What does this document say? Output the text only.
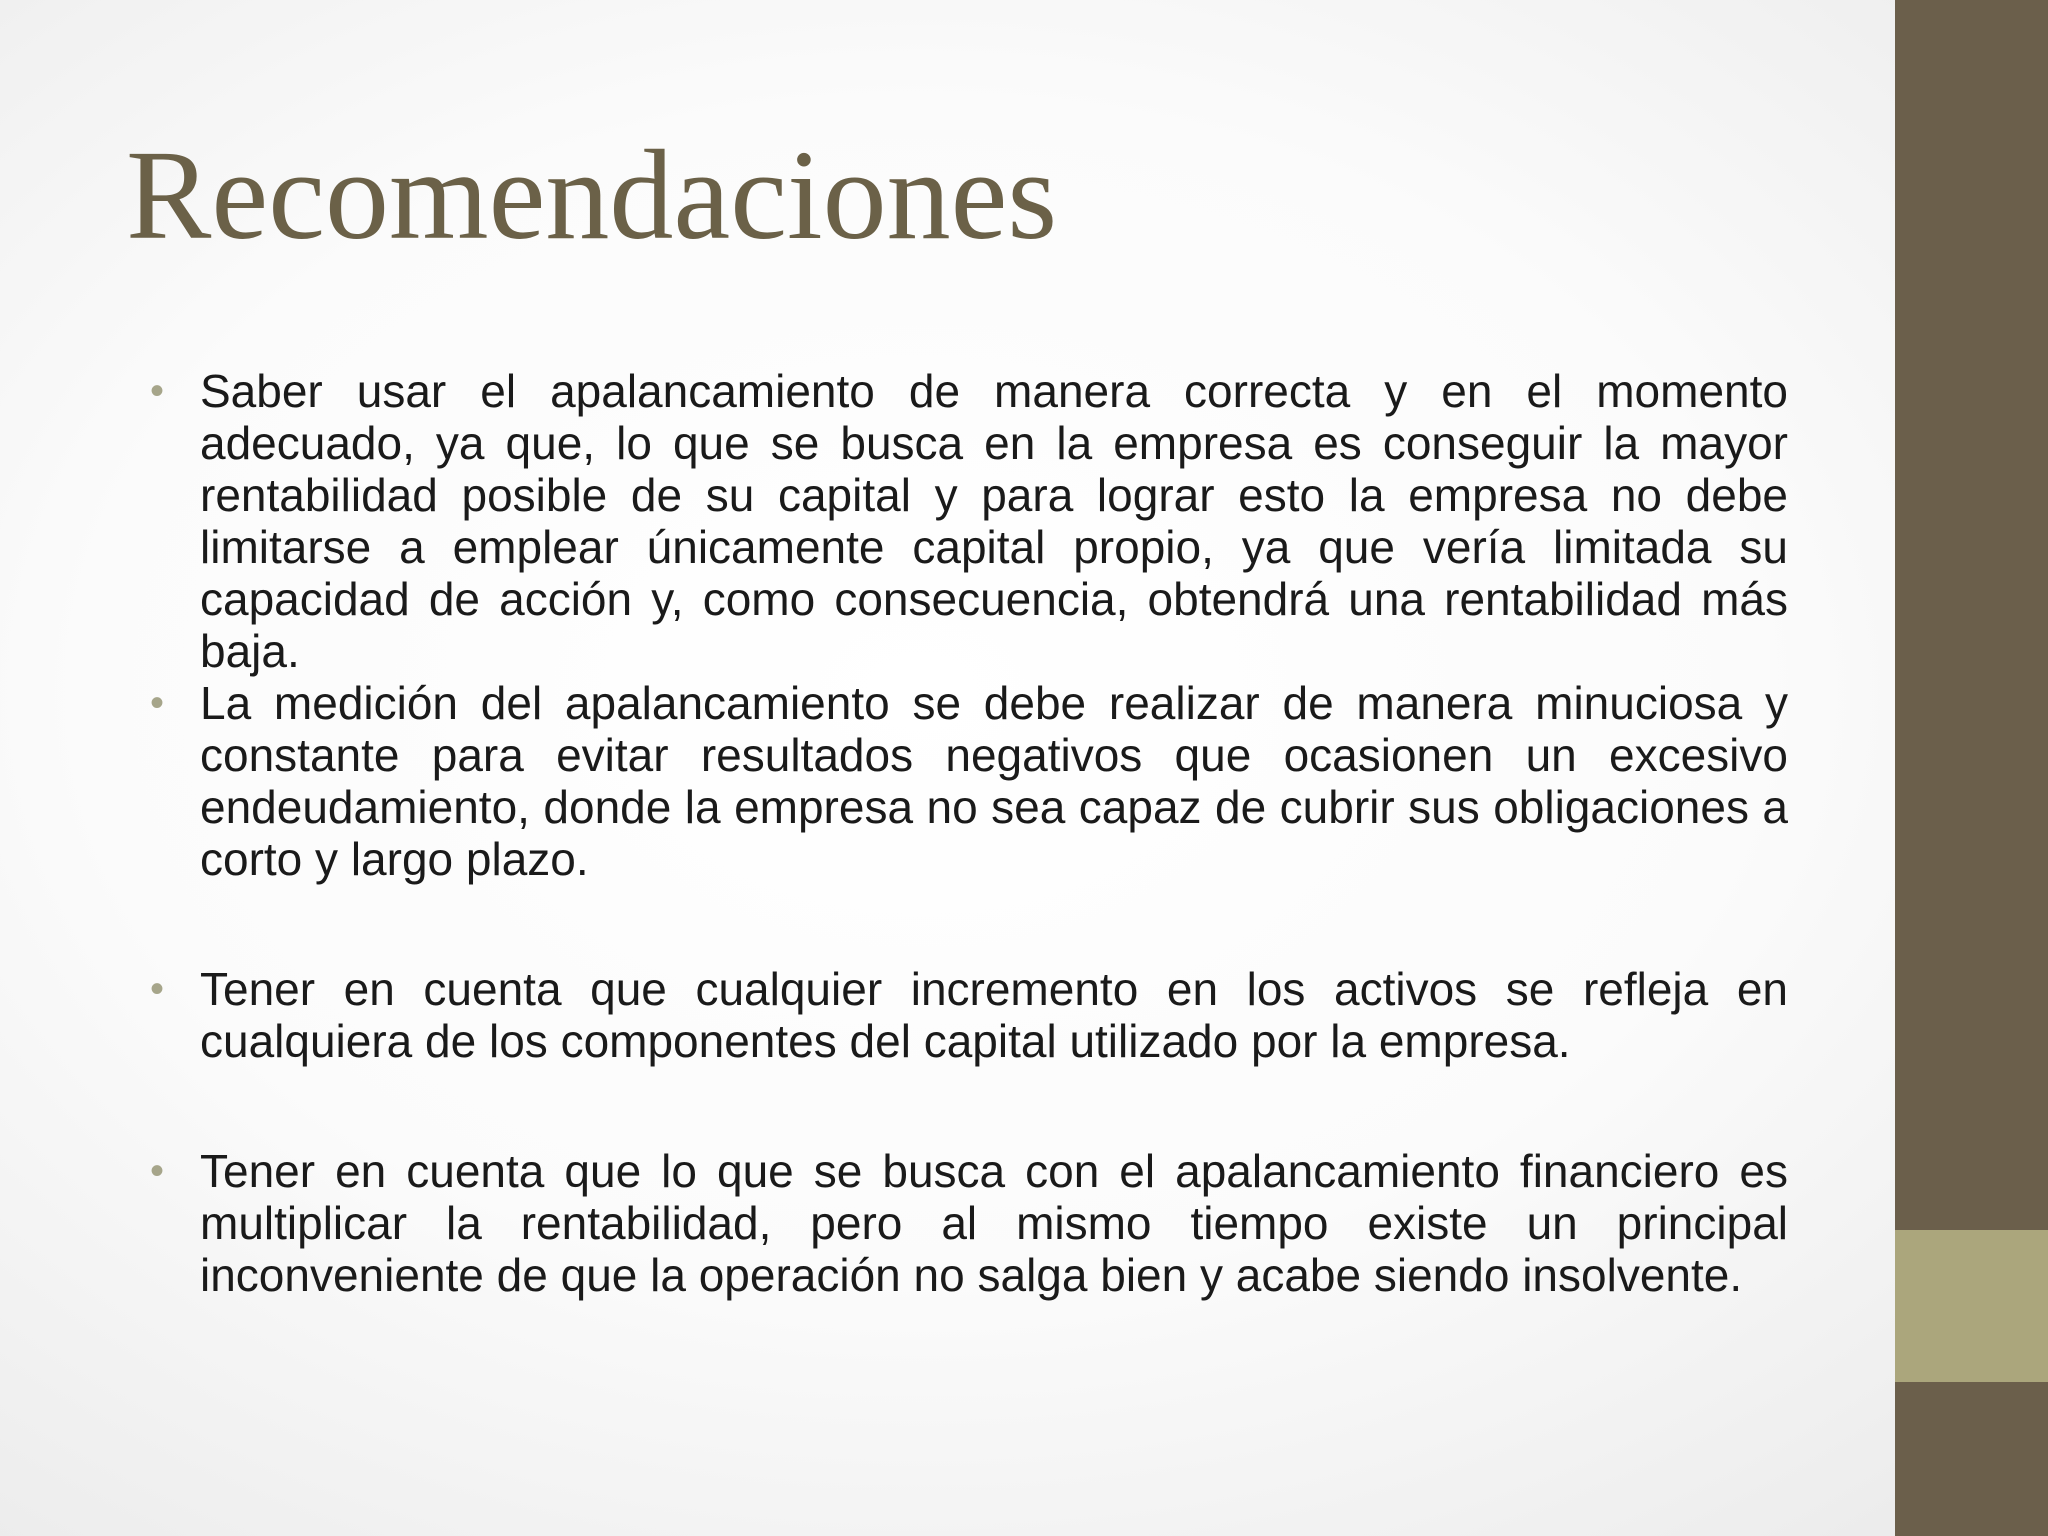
Recomendaciones
• Saber usar el apalancamiento de manera correcta y en el momento adecuado, ya que, lo que se busca en la empresa es conseguir la mayor rentabilidad posible de su capital y para lograr esto la empresa no debe limitarse a emplear únicamente capital propio, ya que vería limitada su capacidad de acción y, como consecuencia, obtendrá una rentabilidad más baja.
• La medición del apalancamiento se debe realizar de manera minuciosa y constante para evitar resultados negativos que ocasionen un excesivo endeudamiento, donde la empresa no sea capaz de cubrir sus obligaciones a corto y largo plazo.
• Tener en cuenta que cualquier incremento en los activos se refleja en cualquiera de los componentes del capital utilizado por la empresa.
• Tener en cuenta que lo que se busca con el apalancamiento financiero es multiplicar la rentabilidad, pero al mismo tiempo existe un principal inconveniente de que la operación no salga bien y acabe siendo insolvente.
